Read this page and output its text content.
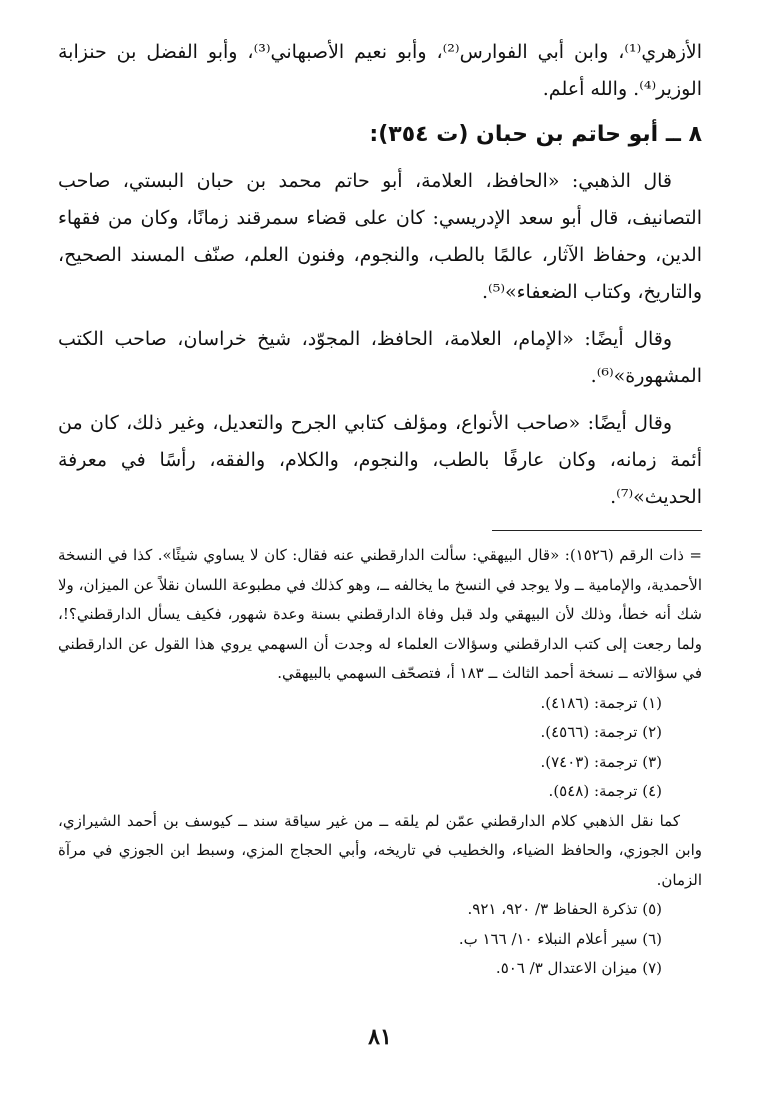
الأزهري⁽¹⁾، وابن أبي الفوارس⁽²⁾، وأبو نعيم الأصبهاني⁽³⁾، وأبو الفضل بن حنزابة الوزير⁽⁴⁾. والله أعلم.

٨ ــ أبو حاتم بن حبان (ت ٣٥٤):

قال الذهبي: «الحافظ، العلامة، أبو حاتم محمد بن حبان البستي، صاحب التصانيف، قال أبو سعد الإدريسي: كان على قضاء سمرقند زمانًا، وكان من فقهاء الدين، وحفاظ الآثار، عالمًا بالطب، والنجوم، وفنون العلم، صنّف المسند الصحيح، والتاريخ، وكتاب الضعفاء»⁽⁵⁾.

وقال أيضًا: «الإمام، العلامة، الحافظ، المجوّد، شيخ خراسان، صاحب الكتب المشهورة»⁽⁶⁾.

وقال أيضًا: «صاحب الأنواع، ومؤلف كتابي الجرح والتعديل، وغير ذلك، كان من أئمة زمانه، وكان عارفًا بالطب، والنجوم، والكلام، والفقه، رأسًا في معرفة الحديث»⁽⁷⁾.

= ذات الرقم (١٥٢٦): «قال البيهقي: سألت الدارقطني عنه فقال: كان لا يساوي شيئًا». كذا في النسخة الأحمدية، والإمامية ــ ولا يوجد في النسخ ما يخالفه ــ، وهو كذلك في مطبوعة اللسان نقلاً عن الميزان، ولا شك أنه خطأ، وذلك لأن البيهقي ولد قبل وفاة الدارقطني بسنة وعدة شهور، فكيف يسأل الدارقطني؟!، ولما رجعت إلى كتب الدارقطني وسؤالات العلماء له وجدت أن السهمي يروي هذا القول عن الدارقطني في سؤالاته ــ نسخة أحمد الثالث ــ ١٨٣ أ، فتصحّف السهمي بالبيهقي.

(١) ترجمة: (٤١٨٦).

(٢) ترجمة: (٤٥٦٦).

(٣) ترجمة: (٧٤٠٣).

(٤) ترجمة: (٥٤٨).

كما نقل الذهبي كلام الدارقطني عمّن لم يلقه ــ من غير سياقة سند ــ كيوسف بن أحمد الشيرازي، وابن الجوزي، والحافظ الضياء، والخطيب في تاريخه، وأبي الحجاج المزي، وسبط ابن الجوزي في مرآة الزمان.

(٥) تذكرة الحفاظ ٣/ ٩٢٠، ٩٢١.

(٦) سير أعلام النبلاء ١٠/ ١٦٦ ب.

(٧) ميزان الاعتدال ٣/ ٥٠٦.

٨١
